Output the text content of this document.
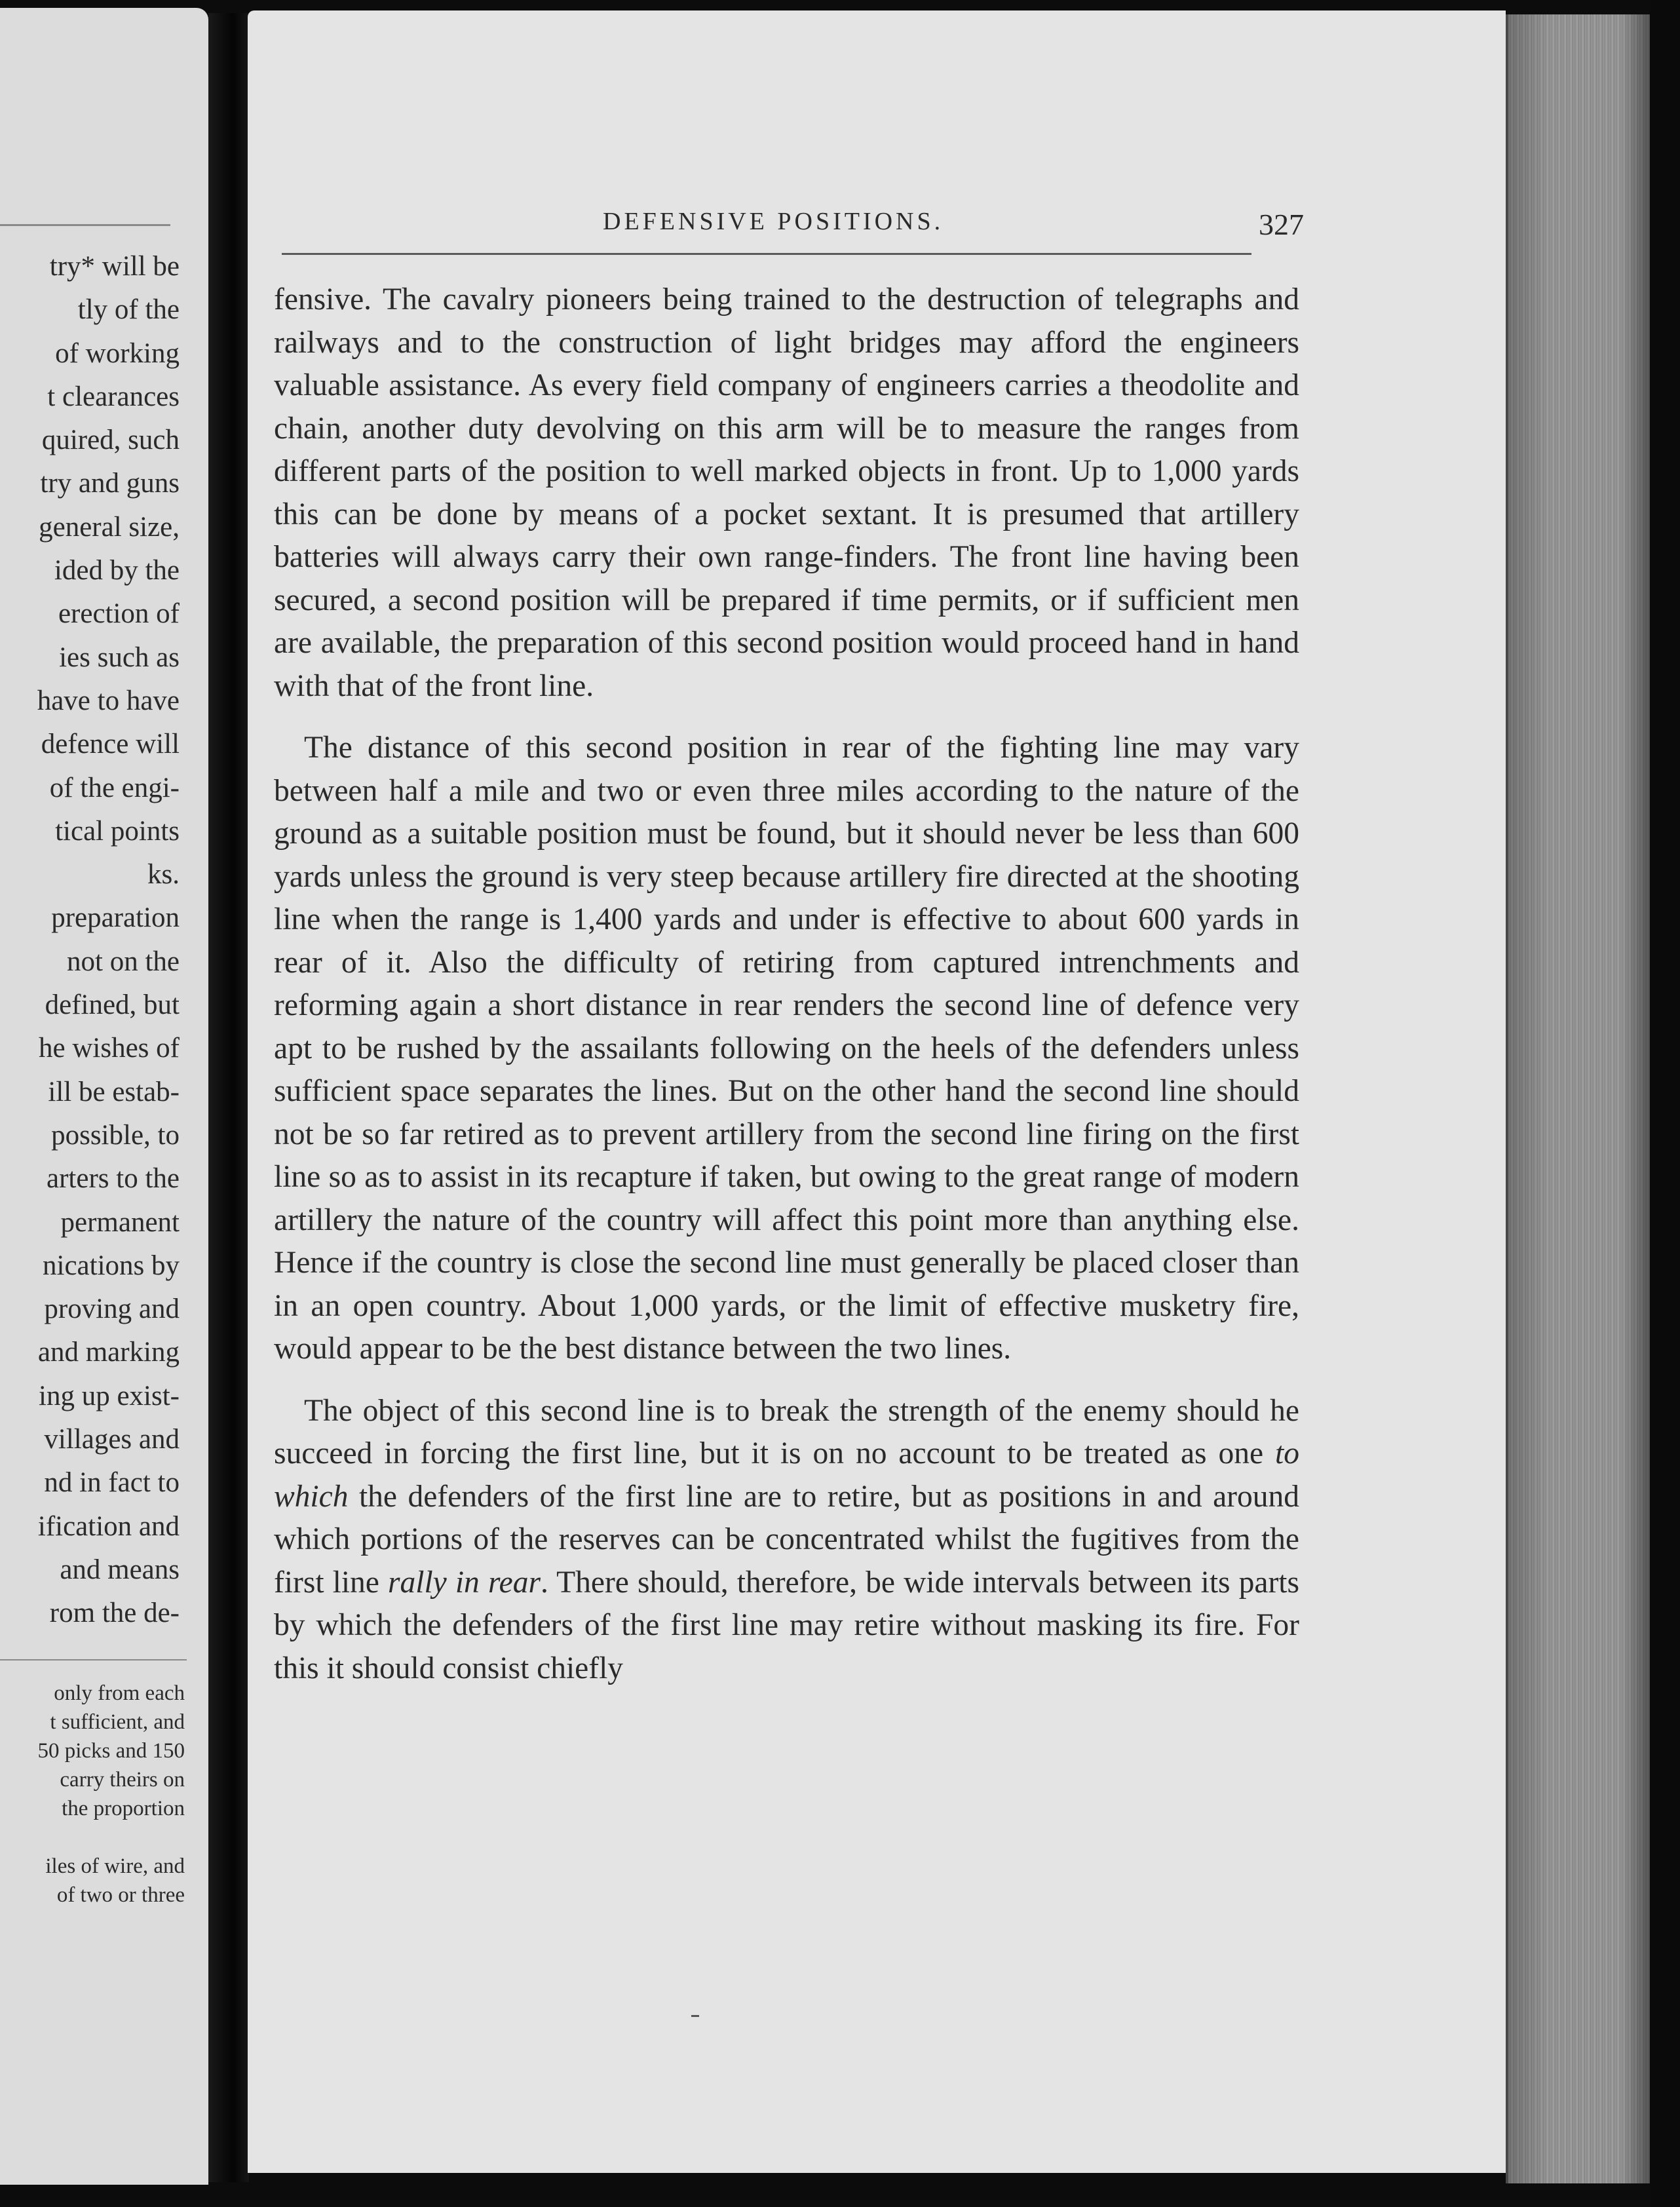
try* will be
tly of the
of working
t clearances
quired, such
try and guns
general size,
ided by the
erection of
ies such as
have to have
defence will
of the engi-
tical points
ks.
preparation
not on the
defined, but
he wishes of
ill be estab-
possible, to
arters to the
permanent
nications by
proving and
and marking
ing up exist-
villages and
nd in fact to
ification and
and means
rom the de-
only from each
t sufficient, and
50 picks and 150
carry theirs on
the proportion
iles of wire, and
of two or three
DEFENSIVE POSITIONS.	327

fensive. The cavalry pioneers being trained to the destruction of telegraphs and railways and to the construction of light bridges may afford the engineers valuable assistance. As every field company of engineers carries a theodolite and chain, another duty devolving on this arm will be to measure the ranges from different parts of the position to well marked objects in front. Up to 1,000 yards this can be done by means of a pocket sextant. It is presumed that artillery batteries will always carry their own range-finders. The front line having been secured, a second position will be prepared if time permits, or if sufficient men are available, the preparation of this second position would proceed hand in hand with that of the front line.

The distance of this second position in rear of the fighting line may vary between half a mile and two or even three miles according to the nature of the ground as a suitable position must be found, but it should never be less than 600 yards unless the ground is very steep because artillery fire directed at the shooting line when the range is 1,400 yards and under is effective to about 600 yards in rear of it. Also the difficulty of retiring from captured intrenchments and reforming again a short distance in rear renders the second line of defence very apt to be rushed by the assailants following on the heels of the defenders unless sufficient space separates the lines. But on the other hand the second line should not be so far retired as to prevent artillery from the second line firing on the first line so as to assist in its recapture if taken, but owing to the great range of modern artillery the nature of the country will affect this point more than anything else. Hence if the country is close the second line must generally be placed closer than in an open country. About 1,000 yards, or the limit of effective musketry fire, would appear to be the best distance between the two lines.

The object of this second line is to break the strength of the enemy should he succeed in forcing the first line, but it is on no account to be treated as one to which the defenders of the first line are to retire, but as positions in and around which portions of the reserves can be concentrated whilst the fugitives from the first line rally in rear. There should, therefore, be wide intervals between its parts by which the defenders of the first line may retire without masking its fire. For this it should consist chiefly
